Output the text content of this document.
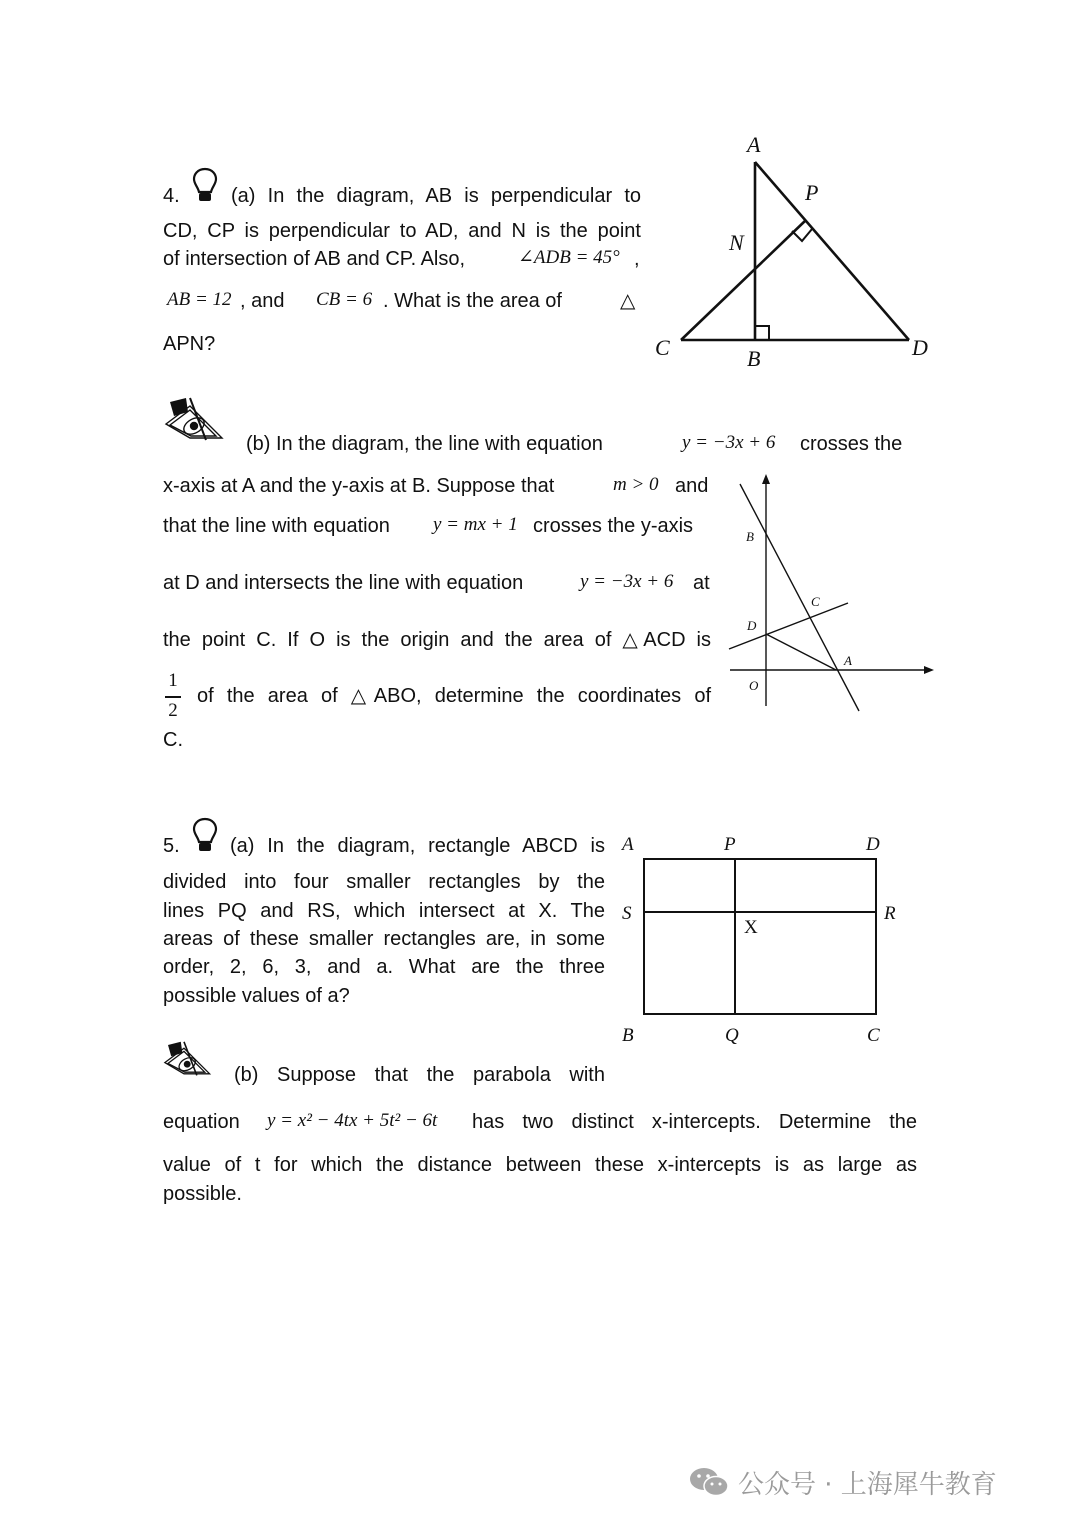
4.	(a) In the diagram, AB is perpendicular to
CD, CP is perpendicular to AD, and N is the point
of intersection of AB and CP. Also,	∠ADB = 45° ,
AB = 12 , and CB = 6 . What is the area of	△
APN?
A
P
N
C	B	D
(b) In the diagram, the line with equation	y = −3x + 6 crosses the
x-axis at A and the y-axis at B. Suppose that	m > 0 and
that the line with equation y = mx + 1 crosses the y-axis
at D and intersects the line with equation	y = −3x + 6 at
the point C. If O is the origin and the area of △ACD is
1
2
of the area of △ABO, determine the coordinates of
C.
B
C
D
A
O
5.	(a) In the diagram, rectangle ABCD is
divided into four smaller rectangles by the
lines PQ and RS, which intersect at X. The
areas of these smaller rectangles are, in some
order, 2, 6, 3, and a. What are the three
possible values of a?
A	P	D
S	R
X
B	Q	C
(b) Suppose that the parabola with
equation y = x² − 4tx + 5t² − 6t has two distinct x-intercepts. Determine the
value of t for which the distance between these x-intercepts is as large as
possible.
公众号 · 上海犀牛教育
